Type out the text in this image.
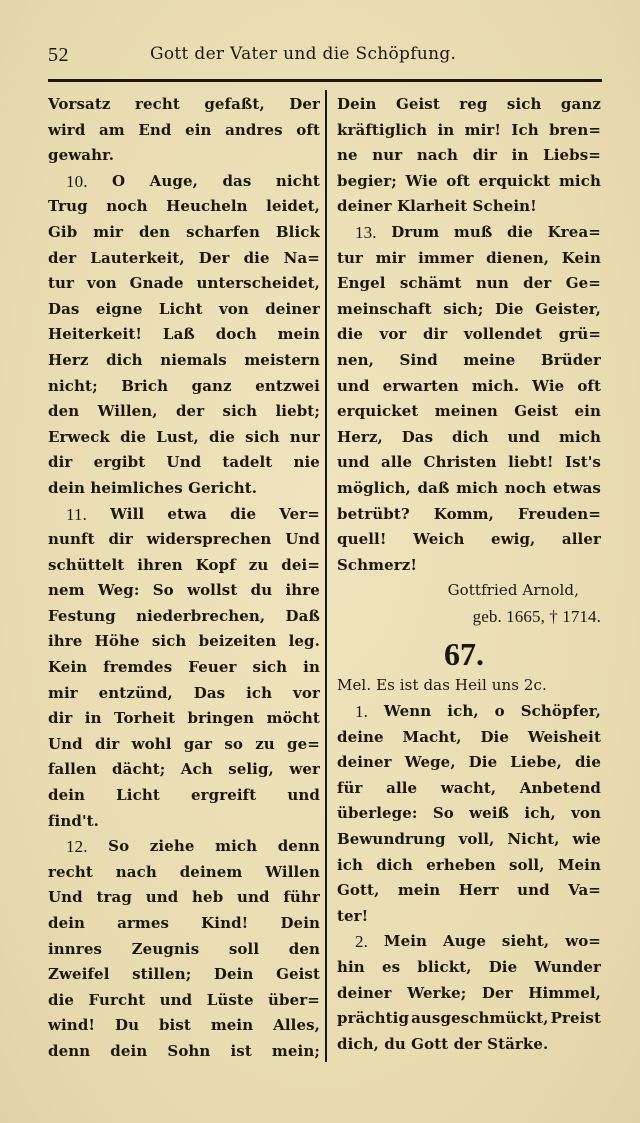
52	Gott der Vater und die Schöpfung.
Vorsatz recht gefaßt, Der
wird am End ein andres oft
gewahr.
10. O Auge, das nicht
Trug noch Heucheln leidet,
Gib mir den scharfen Blick
der Lauterkeit, Der die Na=
tur von Gnade unterscheidet,
Das eigne Licht von deiner
Heiterkeit! Laß doch mein
Herz dich niemals meistern
nicht; Brich ganz entzwei
den Willen, der sich liebt;
Erweck die Lust, die sich nur
dir ergibt Und tadelt nie
dein heimliches Gericht.
11. Will etwa die Ver=
nunft dir widersprechen Und
schüttelt ihren Kopf zu dei=
nem Weg: So wollst du ihre
Festung niederbrechen, Daß
ihre Höhe sich beizeiten leg.
Kein fremdes Feuer sich in
mir entzünd, Das ich vor
dir in Torheit bringen möcht
Und dir wohl gar so zu ge=
fallen dächt; Ach selig, wer
dein Licht ergreift und
find't.
12. So ziehe mich denn
recht nach deinem Willen
Und trag und heb und führ
dein armes Kind! Dein
innres Zeugnis soll den
Zweifel stillen; Dein Geist
die Furcht und Lüste über=
wind! Du bist mein Alles,
denn dein Sohn ist mein;
Dein Geist reg sich ganz
kräftiglich in mir! Ich bren=
ne nur nach dir in Liebs=
begier; Wie oft erquickt mich
deiner Klarheit Schein!
13. Drum muß die Krea=
tur mir immer dienen, Kein
Engel schämt nun der Ge=
meinschaft sich; Die Geister,
die vor dir vollendet grü=
nen, Sind meine Brüder
und erwarten mich. Wie oft
erquicket meinen Geist ein
Herz, Das dich und mich
und alle Christen liebt! Ist's
möglich, daß mich noch etwas
betrübt? Komm, Freuden=
quell! Weich ewig, aller
Schmerz!
Gottfried Arnold,
geb. 1665, † 1714.
67.
Mel. Es ist das Heil uns 2c.
1. Wenn ich, o Schöpfer,
deine Macht, Die Weisheit
deiner Wege, Die Liebe, die
für alle wacht, Anbetend
überlege: So weiß ich, von
Bewundrung voll, Nicht, wie
ich dich erheben soll, Mein
Gott, mein Herr und Va=
ter!
2. Mein Auge sieht, wo=
hin es blickt, Die Wunder
deiner Werke; Der Himmel,
prächtig ausgeschmückt, Preist
dich, du Gott der Stärke.
